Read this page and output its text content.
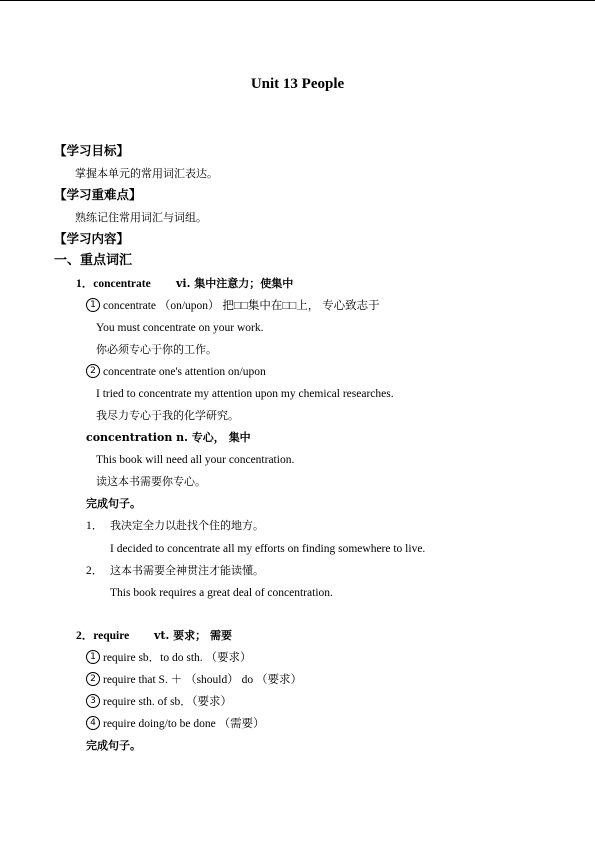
Unit 13 People
【学习目标】
掌握本单元的常用词汇表达。
【学习重难点】
熟练记住常用词汇与词组。
【学习内容】
一、重点词汇
1．concentrate vi. 集中注意力；使集中
1 concentrate （on/upon） 把□□集中在□□上， 专心致志于
You must concentrate on your work.
你必须专心于你的工作。
2 concentrate one's attention on/upon
I tried to concentrate my attention upon my chemical researches.
我尽力专心于我的化学研究。
concentration n. 专心， 集中
This book will need all your concentration.
读这本书需要你专心。
完成句子。
1． 我决定全力以赴找个住的地方。
I decided to concentrate all my efforts on finding somewhere to live.
2． 这本书需要全神贯注才能读懂。
This book requires a great deal of concentration.
2．require vt. 要求； 需要
1 require sb．to do sth. （要求）
2 require that S. ＋ （should） do （要求）
3 require sth. of sb．（要求）
4 require doing/to be done （需要）
完成句子。
